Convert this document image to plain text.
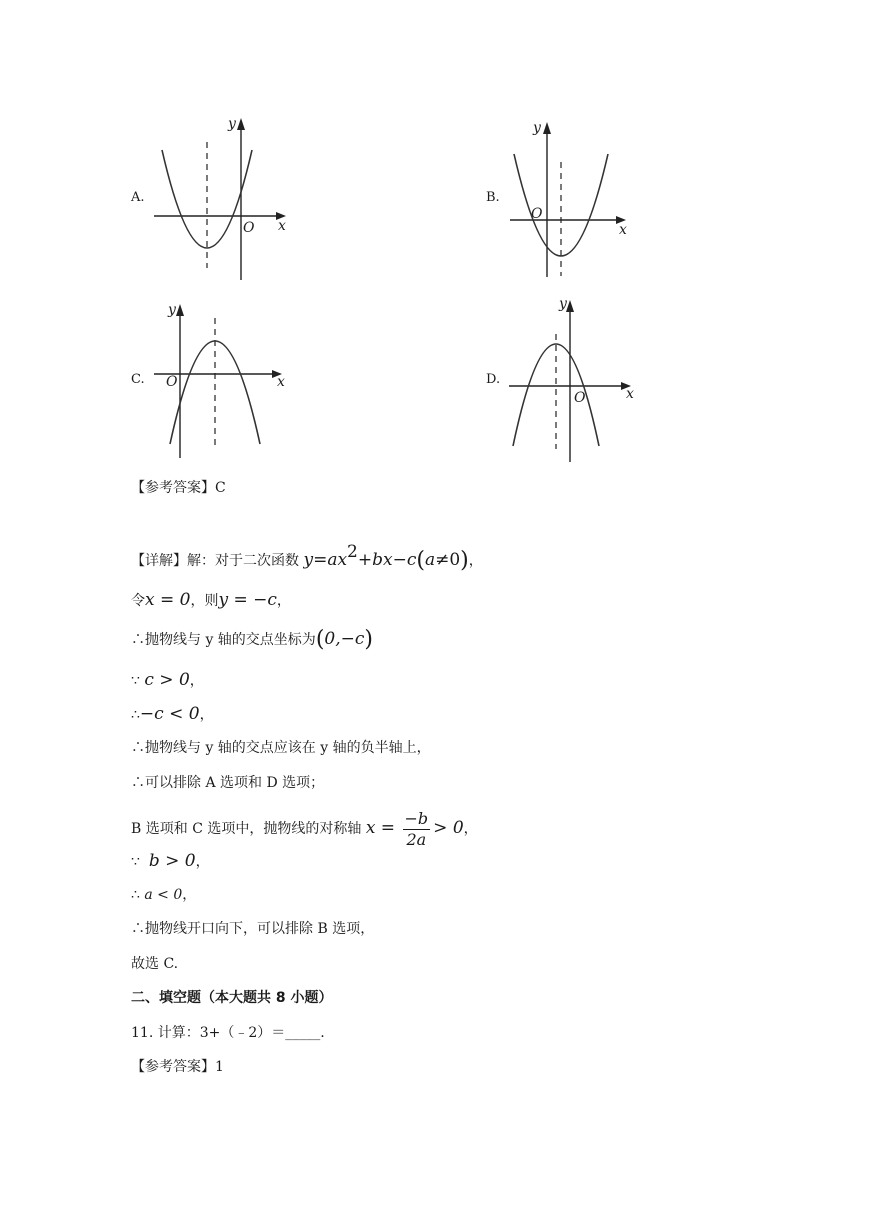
A.
y
x
O
B.
y
x
O
C.
y
x
O	D.
y
x
O
【参考答案】C
【详解】解：对于二次函数 $y=ax^2+bx-c(a\ne 0)$，
令x = 0，则y = −c，
∴抛物线与 y 轴的交点坐标为(0,−c)
∵ c > 0，
∴−c < 0，
∴抛物线与 y 轴的交点应该在 y 轴的负半轴上，
∴可以排除 A 选项和 D 选项；
B 选项和 C 选项中，抛物线的对称轴 $x = \frac{-b}{2a} > 0$，
∵ b > 0，
∴ a < 0，
∴抛物线开口向下，可以排除 B 选项，
故选 C.
二、填空题（本大题共 8 小题）
11. 计算：3+（﹣2）＝_____.
【参考答案】1
